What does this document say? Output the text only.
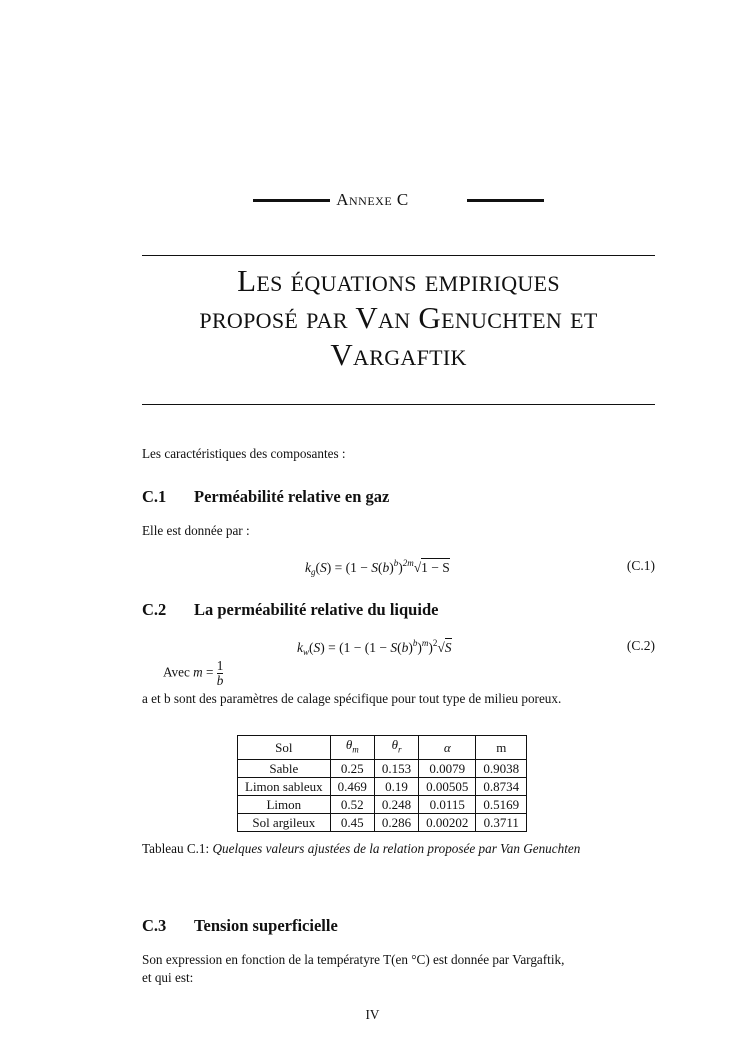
Annexe C
Les équations empiriques
proposé par Van Genuchten et
Vargaftik
Les caractéristiques des composantes :
C.1 Perméabilité relative en gaz
Elle est donnée par :
$k_g(S) = (1 - S(b)^b)^{2m}√1 - S$	(C.1)
C.2 La perméabilité relative du liquide
$k_w(S) = (1 - (1 - S(b)^b)^m)^2√S$	(C.2)
Avec $m = \frac{1}{b}$
a et b sont des paramètres de calage spécifique pour tout type de milieu poreux.
Sol	$\theta_m$	$\theta_r$	α	m
Sable	0.25	0.153	0.0079	0.9038
Limon sableux	0.469	0.19	0.00505	0.8734
Limon	0.52	0.248	0.0115	0.5169
Sol argileux	0.45	0.286	0.00202	0.3711
Tableau C.1: Quelques valeurs ajustées de la relation proposée par Van Genuchten
C.3 Tension superficielle
Son expression en fonction de la températyre T(en °C) est donnée par Vargaftik,
et qui est:
IV
